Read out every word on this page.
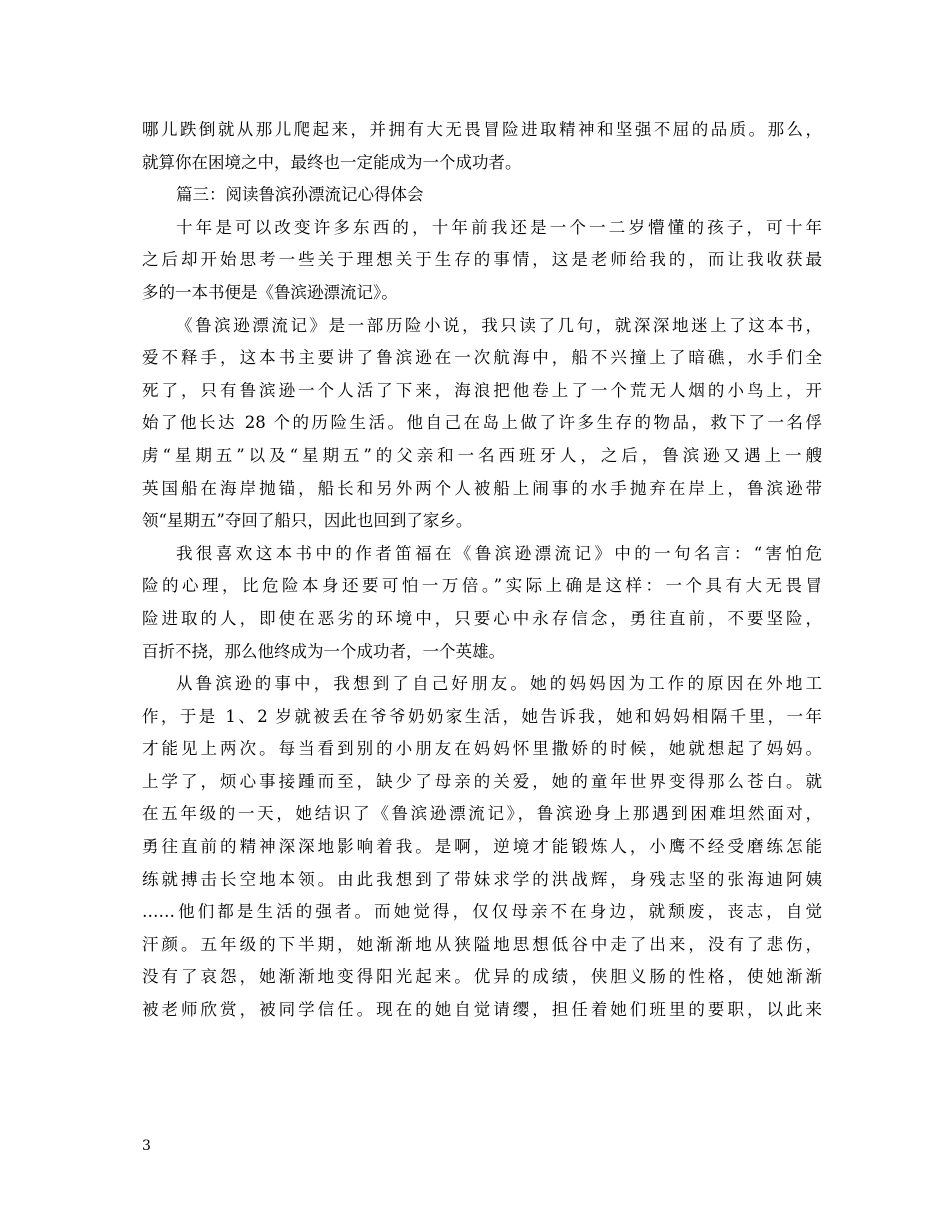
哪儿跌倒就从那儿爬起来，并拥有大无畏冒险进取精神和坚强不屈的品质。那么，
就算你在困境之中，最终也一定能成为一个成功者。
篇三：阅读鲁滨孙漂流记心得体会
十年是可以改变许多东西的，十年前我还是一个一二岁懵懂的孩子，可十年
之后却开始思考一些关于理想关于生存的事情，这是老师给我的，而让我收获最
多的一本书便是《鲁滨逊漂流记》。
《鲁滨逊漂流记》是一部历险小说，我只读了几句，就深深地迷上了这本书，
爱不释手，这本书主要讲了鲁滨逊在一次航海中，船不兴撞上了暗礁，水手们全
死了，只有鲁滨逊一个人活了下来，海浪把他卷上了一个荒无人烟的小鸟上，开
始了他长达 28 个的历险生活。他自己在岛上做了许多生存的物品，救下了一名俘
虏“星期五”以及“星期五”的父亲和一名西班牙人，之后，鲁滨逊又遇上一艘
英国船在海岸抛锚，船长和另外两个人被船上闹事的水手抛弃在岸上，鲁滨逊带
领“星期五”夺回了船只，因此也回到了家乡。
我很喜欢这本书中的作者笛福在《鲁滨逊漂流记》中的一句名言：“害怕危
险的心理，比危险本身还要可怕一万倍。”实际上确是这样：一个具有大无畏冒
险进取的人，即使在恶劣的环境中，只要心中永存信念，勇往直前，不要坚险，
百折不挠，那么他终成为一个成功者，一个英雄。
从鲁滨逊的事中，我想到了自己好朋友。她的妈妈因为工作的原因在外地工
作，于是 1、2 岁就被丢在爷爷奶奶家生活，她告诉我，她和妈妈相隔千里，一年
才能见上两次。每当看到别的小朋友在妈妈怀里撒娇的时候，她就想起了妈妈。
上学了，烦心事接踵而至，缺少了母亲的关爱，她的童年世界变得那么苍白。就
在五年级的一天，她结识了《鲁滨逊漂流记》，鲁滨逊身上那遇到困难坦然面对，
勇往直前的精神深深地影响着我。是啊，逆境才能锻炼人，小鹰不经受磨练怎能
练就搏击长空地本领。由此我想到了带妹求学的洪战辉，身残志坚的张海迪阿姨
……他们都是生活的强者。而她觉得，仅仅母亲不在身边，就颓废，丧志，自觉
汗颜。五年级的下半期，她渐渐地从狭隘地思想低谷中走了出来，没有了悲伤，
没有了哀怨，她渐渐地变得阳光起来。优异的成绩，侠胆义肠的性格，使她渐渐
被老师欣赏，被同学信任。现在的她自觉请缨，担任着她们班里的要职，以此来
3
